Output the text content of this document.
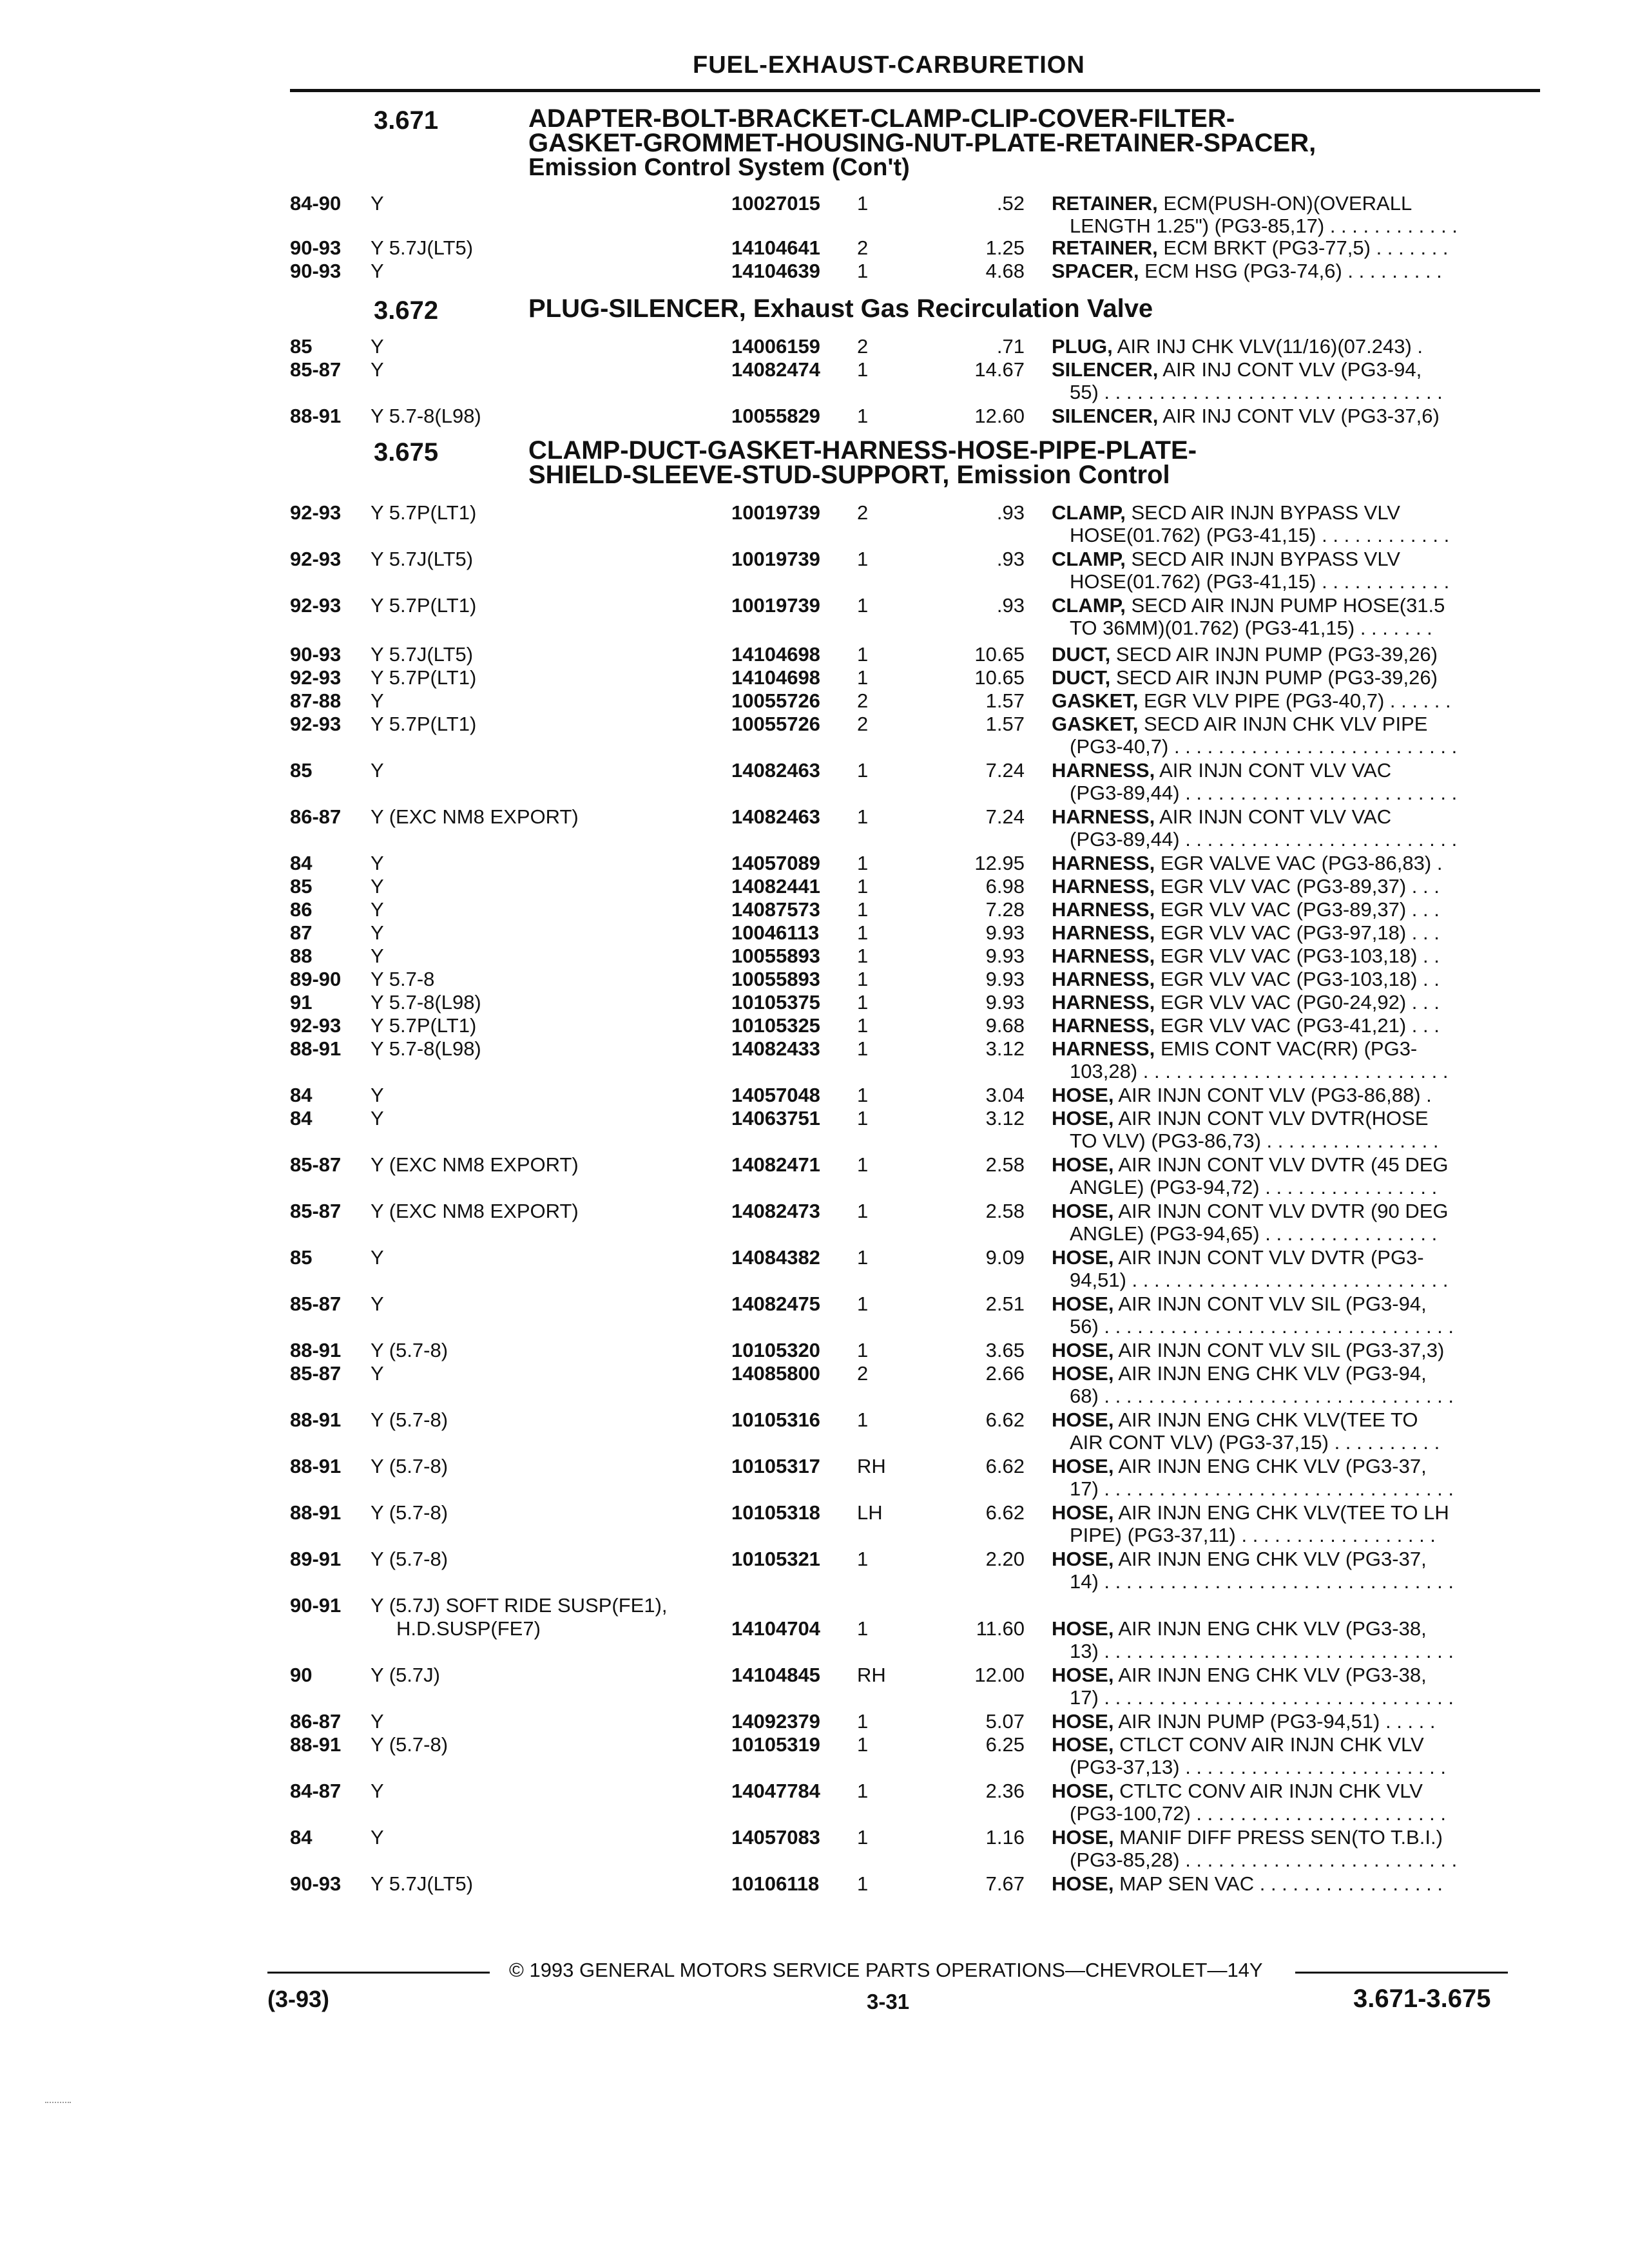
FUEL-EXHAUST-CARBURETION
3.671	ADAPTER-BOLT-BRACKET-CLAMP-CLIP-COVER-FILTER-
GASKET-GROMMET-HOUSING-NUT-PLATE-RETAINER-SPACER,
Emission Control System (Con't)
3.672	PLUG-SILENCER, Exhaust Gas Recirculation Valve
3.675	CLAMP-DUCT-GASKET-HARNESS-HOSE-PIPE-PLATE-
SHIELD-SLEEVE-STUD-SUPPORT, Emission Control
84-90 Y . . .	10027015 1	.52 RETAINER, ECM(PUSH-ON)(OVERALL
LENGTH 1.25") (PG3-85,17) . . . . . . . . . . . .
90-93 Y 5.7J(LT5) . . .	14104641 2	1.25 RETAINER, ECM BRKT (PG3-77,5) . . . . . . .
90-93 Y . . .	14104639 1	4.68 SPACER, ECM HSG (PG3-74,6) . . . . . . . . .
85	Y . . .	14006159 2	.71 PLUG, AIR INJ CHK VLV(11/16)(07.243) .
85-87 Y . . .	14082474 1	14.67 SILENCER, AIR INJ CONT VLV (PG3-94,
55) . . . . . . . . . . . . . . . . . . . . . . . . . . . . . . .
88-91 Y 5.7-8(L98) . . .	10055829 1	12.60 SILENCER, AIR INJ CONT VLV (PG3-37,6)
92-93 Y 5.7P(LT1) . . .	10019739 2	.93 CLAMP, SECD AIR INJN BYPASS VLV
HOSE(01.762) (PG3-41,15) . . . . . . . . . . . .
92-93 Y 5.7J(LT5) . . .	10019739 1	.93 CLAMP, SECD AIR INJN BYPASS VLV
HOSE(01.762) (PG3-41,15) . . . . . . . . . . . .
92-93 Y 5.7P(LT1) . . .	10019739 1	.93 CLAMP, SECD AIR INJN PUMP HOSE(31.5
TO 36MM)(01.762) (PG3-41,15) . . . . . . .
90-93 Y 5.7J(LT5) . . .	14104698 1	10.65 DUCT, SECD AIR INJN PUMP (PG3-39,26)
92-93 Y 5.7P(LT1) . . .	14104698 1	10.65 DUCT, SECD AIR INJN PUMP (PG3-39,26)
87-88 Y . . .	10055726 2	1.57 GASKET, EGR VLV PIPE (PG3-40,7) . . . . . .
92-93 Y 5.7P(LT1) . . .	10055726 2	1.57 GASKET, SECD AIR INJN CHK VLV PIPE
(PG3-40,7) . . . . . . . . . . . . . . . . . . . . . . . . . .
85	Y . . .	14082463 1	7.24 HARNESS, AIR INJN CONT VLV VAC
(PG3-89,44) . . . . . . . . . . . . . . . . . . . . . . . . .
86-87 Y (EXC NM8 EXPORT) . . .	14082463 1	7.24 HARNESS, AIR INJN CONT VLV VAC
(PG3-89,44) . . . . . . . . . . . . . . . . . . . . . . . . .
84	Y . . .	14057089 1	12.95 HARNESS, EGR VALVE VAC (PG3-86,83) .
85	Y . . .	14082441 1	6.98 HARNESS, EGR VLV VAC (PG3-89,37) . . .
86	Y . . .	14087573 1	7.28 HARNESS, EGR VLV VAC (PG3-89,37) . . .
87	Y . . .	10046113 1	9.93 HARNESS, EGR VLV VAC (PG3-97,18) . . .
88	Y . . .	10055893 1	9.93 HARNESS, EGR VLV VAC (PG3-103,18) . .
89-90 Y 5.7-8 . . .	10055893 1	9.93 HARNESS, EGR VLV VAC (PG3-103,18) . .
91	Y 5.7-8(L98) . . .	10105375 1	9.93 HARNESS, EGR VLV VAC (PG0-24,92) . . .
92-93 Y 5.7P(LT1) . . .	10105325 1	9.68 HARNESS, EGR VLV VAC (PG3-41,21) . . .
88-91 Y 5.7-8(L98) . . .	14082433 1	3.12 HARNESS, EMIS CONT VAC(RR) (PG3-
103,28) . . . . . . . . . . . . . . . . . . . . . . . . . . . .
84	Y . . .	14057048 1	3.04 HOSE, AIR INJN CONT VLV (PG3-86,88) .
84	Y . . .	14063751 1	3.12 HOSE, AIR INJN CONT VLV DVTR(HOSE
TO VLV) (PG3-86,73) . . . . . . . . . . . . . . . .
85-87 Y (EXC NM8 EXPORT) . . .	14082471 1	2.58 HOSE, AIR INJN CONT VLV DVTR (45 DEG
ANGLE) (PG3-94,72) . . . . . . . . . . . . . . . .
85-87 Y (EXC NM8 EXPORT) . . .	14082473 1	2.58 HOSE, AIR INJN CONT VLV DVTR (90 DEG
ANGLE) (PG3-94,65) . . . . . . . . . . . . . . . .
85	Y . . .	14084382 1	9.09 HOSE, AIR INJN CONT VLV DVTR (PG3-
94,51) . . . . . . . . . . . . . . . . . . . . . . . . . . . . .
85-87 Y . . .	14082475 1	2.51 HOSE, AIR INJN CONT VLV SIL (PG3-94,
56) . . . . . . . . . . . . . . . . . . . . . . . . . . . . . . . .
88-91 Y (5.7-8) . . .	10105320 1	3.65 HOSE, AIR INJN CONT VLV SIL (PG3-37,3)
85-87 Y . . .	14085800 2	2.66 HOSE, AIR INJN ENG CHK VLV (PG3-94,
68) . . . . . . . . . . . . . . . . . . . . . . . . . . . . . . . .
88-91 Y (5.7-8) . . .	10105316 1	6.62 HOSE, AIR INJN ENG CHK VLV(TEE TO
AIR CONT VLV) (PG3-37,15) . . . . . . . . . .
88-91 Y (5.7-8) . . .	10105317 RH	6.62 HOSE, AIR INJN ENG CHK VLV (PG3-37,
17) . . . . . . . . . . . . . . . . . . . . . . . . . . . . . . . .
88-91 Y (5.7-8) . . .	10105318 LH	6.62 HOSE, AIR INJN ENG CHK VLV(TEE TO LH
PIPE) (PG3-37,11) . . . . . . . . . . . . . . . . . .
89-91 Y (5.7-8) . . .	10105321 1	2.20 HOSE, AIR INJN ENG CHK VLV (PG3-37,
14) . . . . . . . . . . . . . . . . . . . . . . . . . . . . . . . .
90-91 Y (5.7J) SOFT RIDE SUSP(FE1),
H.D.SUSP(FE7) . . .	14104704 1	11.60 HOSE, AIR INJN ENG CHK VLV (PG3-38,
13) . . . . . . . . . . . . . . . . . . . . . . . . . . . . . . . .
90	Y (5.7J) . . .	14104845 RH	12.00 HOSE, AIR INJN ENG CHK VLV (PG3-38,
17) . . . . . . . . . . . . . . . . . . . . . . . . . . . . . . . .
86-87 Y . . .	14092379 1	5.07 HOSE, AIR INJN PUMP (PG3-94,51) . . . . .
88-91 Y (5.7-8) . . .	10105319 1	6.25 HOSE, CTLCT CONV AIR INJN CHK VLV
(PG3-37,13) . . . . . . . . . . . . . . . . . . . . . . . .
84-87 Y . . .	14047784 1	2.36 HOSE, CTLTC CONV AIR INJN CHK VLV
(PG3-100,72) . . . . . . . . . . . . . . . . . . . . . . .
84	Y . . .	14057083 1	1.16 HOSE, MANIF DIFF PRESS SEN(TO T.B.I.)
(PG3-85,28) . . . . . . . . . . . . . . . . . . . . . . . . .
90-93 Y 5.7J(LT5) . . .	10106118 1	7.67 HOSE, MAP SEN VAC . . . . . . . . . . . . . . . . .
© 1993 GENERAL MOTORS SERVICE PARTS OPERATIONS—CHEVROLET—14Y
(3-93)	3-31	3.671-3.675
